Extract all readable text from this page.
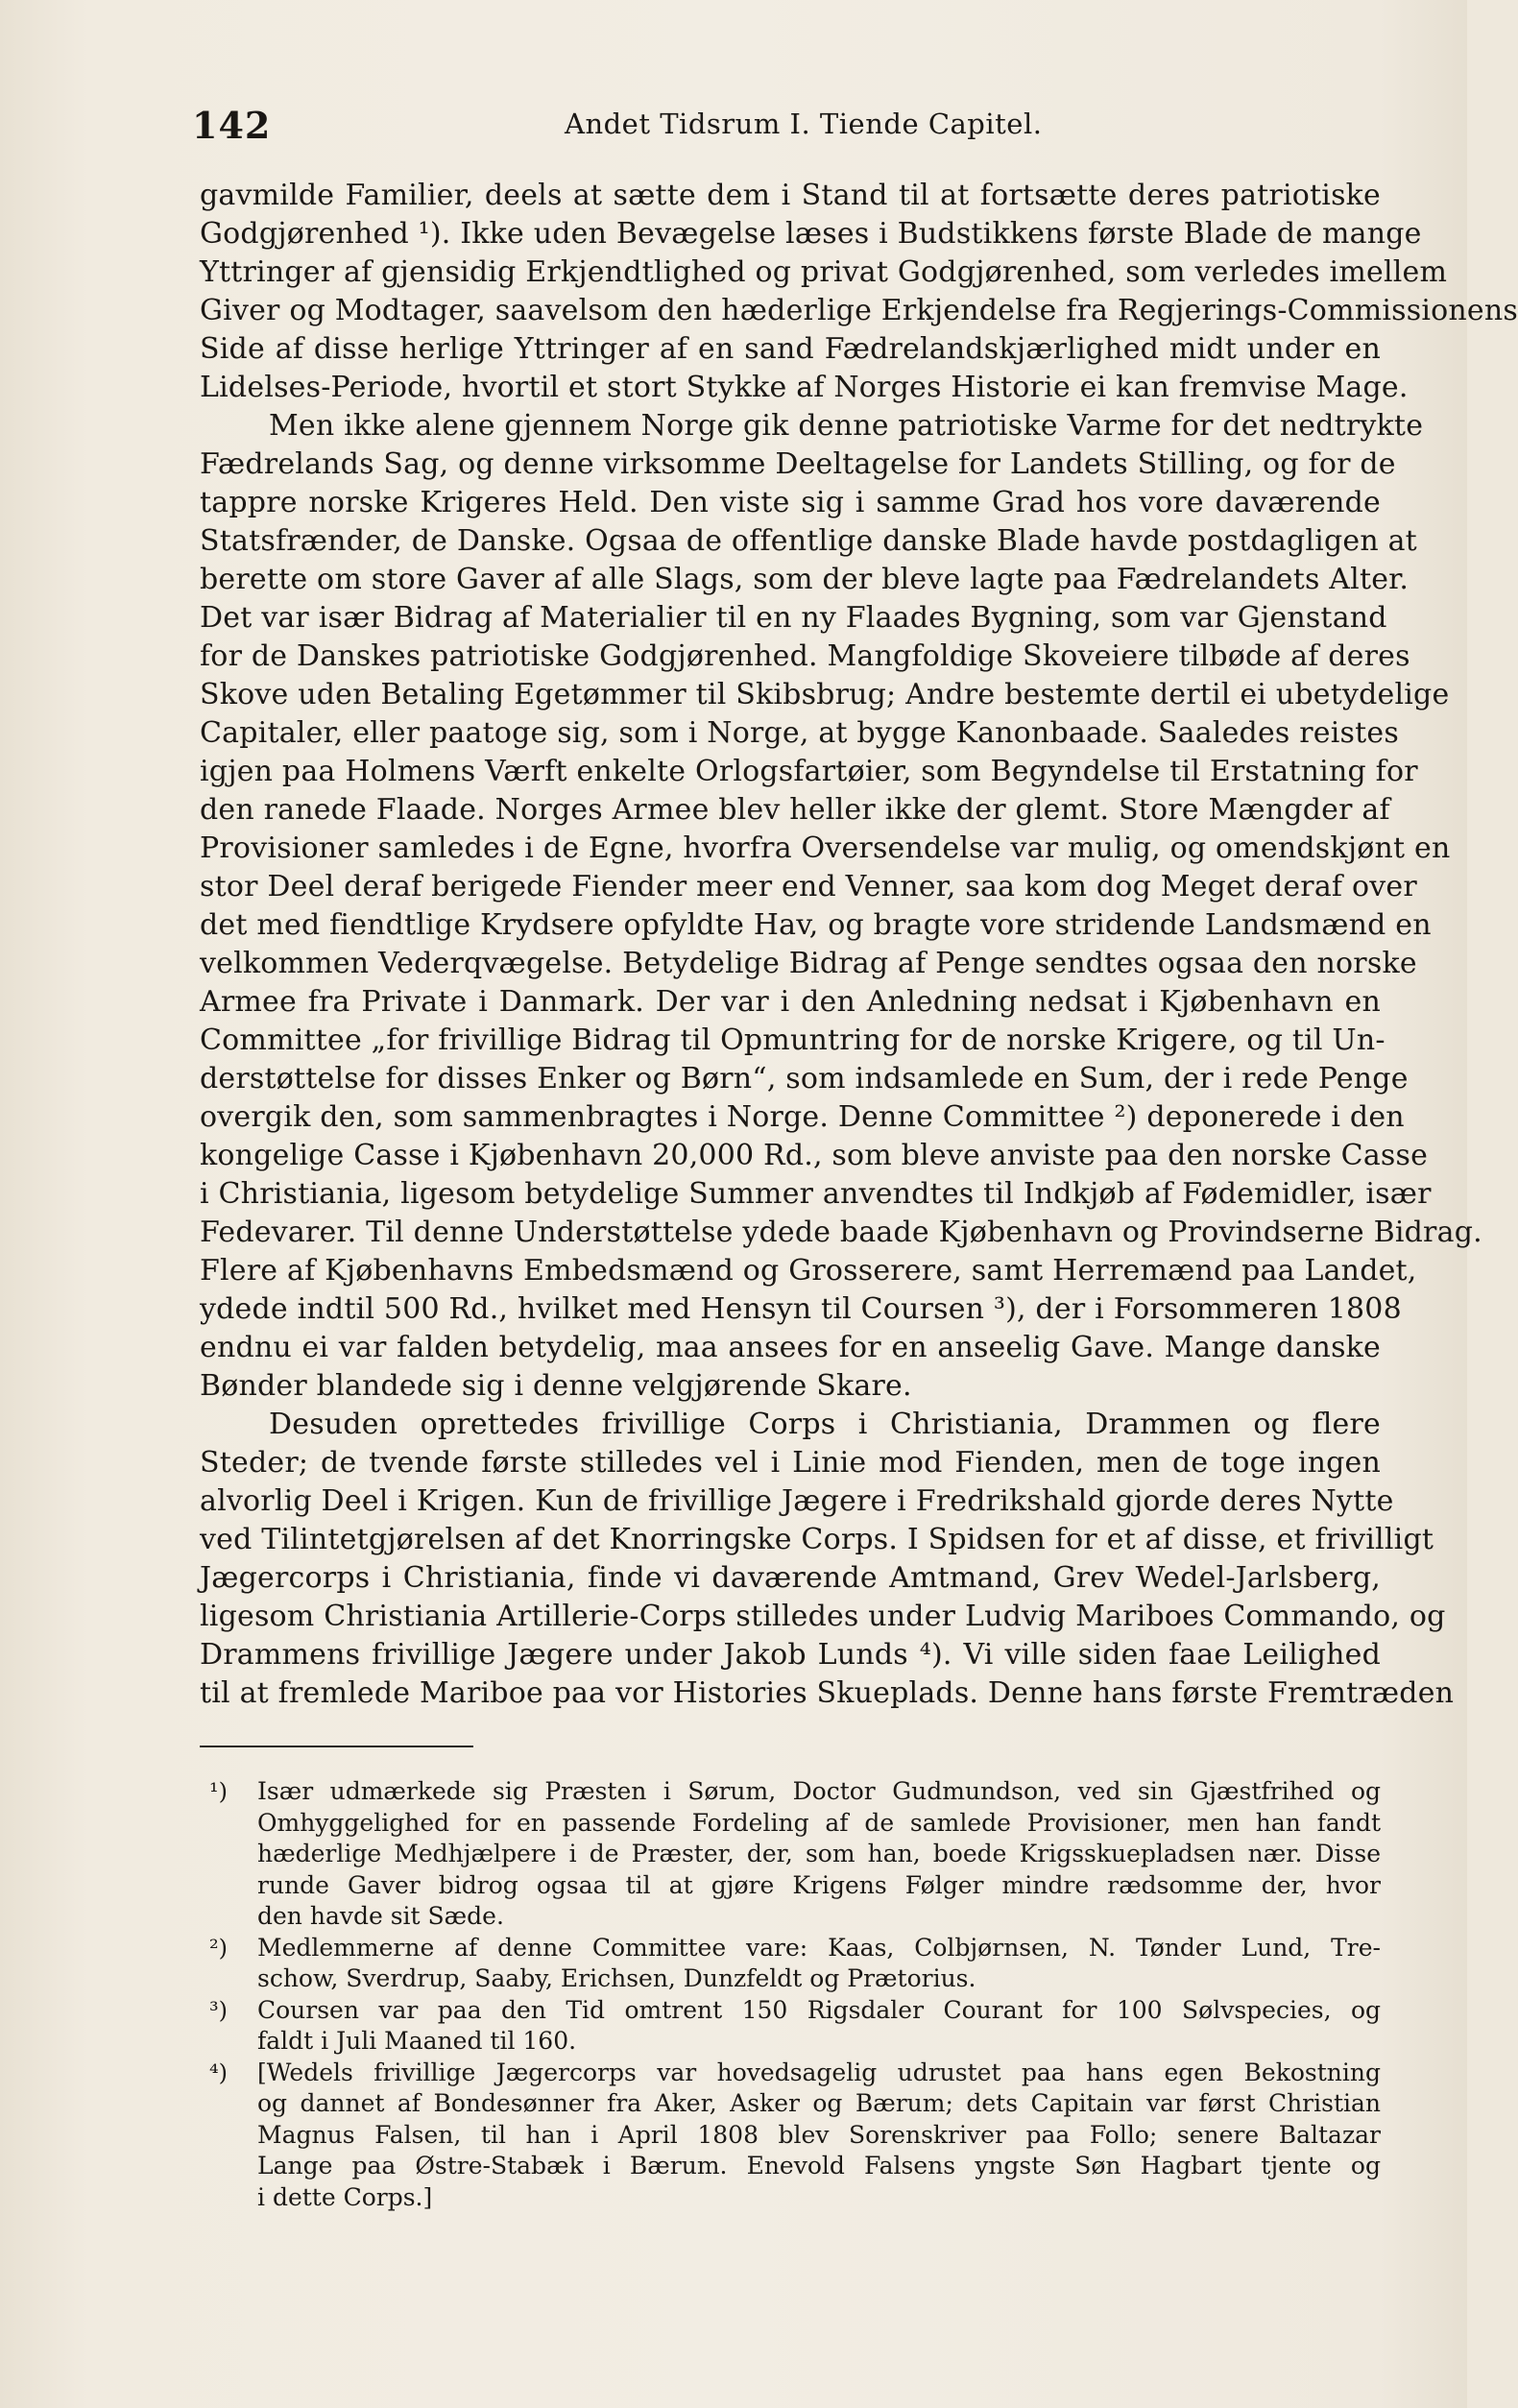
142	Andet Tidsrum I. Tiende Capitel.
gavmilde Familier, deels at sætte dem i Stand til at fortsætte deres patriotiske
Godgjørenhed ¹). Ikke uden Bevægelse læses i Budstikkens første Blade de mange
Yttringer af gjensidig Erkjendtlighed og privat Godgjørenhed, som verledes imellem
Giver og Modtager, saavelsom den hæderlige Erkjendelse fra Regjerings-Commissionens
Side af disse herlige Yttringer af en sand Fædrelandskjærlighed midt under en
Lidelses-Periode, hvortil et stort Stykke af Norges Historie ei kan fremvise Mage.
Men ikke alene gjennem Norge gik denne patriotiske Varme for det nedtrykte
Fædrelands Sag, og denne virksomme Deeltagelse for Landets Stilling, og for de
tappre norske Krigeres Held. Den viste sig i samme Grad hos vore daværende
Statsfrænder, de Danske. Ogsaa de offentlige danske Blade havde postdagligen at
berette om store Gaver af alle Slags, som der bleve lagte paa Fædrelandets Alter.
Det var især Bidrag af Materialier til en ny Flaades Bygning, som var Gjenstand
for de Danskes patriotiske Godgjørenhed. Mangfoldige Skoveiere tilbøde af deres
Skove uden Betaling Egetømmer til Skibsbrug; Andre bestemte dertil ei ubetydelige
Capitaler, eller paatoge sig, som i Norge, at bygge Kanonbaade. Saaledes reistes
igjen paa Holmens Værft enkelte Orlogsfartøier, som Begyndelse til Erstatning for
den ranede Flaade. Norges Armee blev heller ikke der glemt. Store Mængder af
Provisioner samledes i de Egne, hvorfra Oversendelse var mulig, og omendskjønt en
stor Deel deraf berigede Fiender meer end Venner, saa kom dog Meget deraf over
det med fiendtlige Krydsere opfyldte Hav, og bragte vore stridende Landsmænd en
velkommen Vederqvægelse. Betydelige Bidrag af Penge sendtes ogsaa den norske
Armee fra Private i Danmark. Der var i den Anledning nedsat i Kjøbenhavn en
Committee „for frivillige Bidrag til Opmuntring for de norske Krigere, og til Un-
derstøttelse for disses Enker og Børn“, som indsamlede en Sum, der i rede Penge
overgik den, som sammenbragtes i Norge. Denne Committee ²) deponerede i den
kongelige Casse i Kjøbenhavn 20,000 Rd., som bleve anviste paa den norske Casse
i Christiania, ligesom betydelige Summer anvendtes til Indkjøb af Fødemidler, især
Fedevarer. Til denne Understøttelse ydede baade Kjøbenhavn og Provindserne Bidrag.
Flere af Kjøbenhavns Embedsmænd og Grosserere, samt Herremænd paa Landet,
ydede indtil 500 Rd., hvilket med Hensyn til Coursen ³), der i Forsommeren 1808
endnu ei var falden betydelig, maa ansees for en anseelig Gave. Mange danske
Bønder blandede sig i denne velgjørende Skare.
Desuden oprettedes frivillige Corps i Christiania, Drammen og flere
Steder; de tvende første stilledes vel i Linie mod Fienden, men de toge ingen
alvorlig Deel i Krigen. Kun de frivillige Jægere i Fredrikshald gjorde deres Nytte
ved Tilintetgjørelsen af det Knorringske Corps. I Spidsen for et af disse, et frivilligt
Jægercorps i Christiania, finde vi daværende Amtmand, Grev Wedel-Jarlsberg,
ligesom Christiania Artillerie-Corps stilledes under Ludvig Mariboes Commando, og
Drammens frivillige Jægere under Jakob Lunds ⁴). Vi ville siden faae Leilighed
til at fremlede Mariboe paa vor Histories Skueplads. Denne hans første Fremtræden
¹) Især udmærkede sig Præsten i Sørum, Doctor Gudmundson, ved sin Gjæstfrihed og
Omhyggelighed for en passende Fordeling af de samlede Provisioner, men han fandt
hæderlige Medhjælpere i de Præster, der, som han, boede Krigsskuepladsen nær. Disse
runde Gaver bidrog ogsaa til at gjøre Krigens Følger mindre rædsomme der, hvor
den havde sit Sæde.
²) Medlemmerne af denne Committee vare: Kaas, Colbjørnsen, N. Tønder Lund, Tre-
schow, Sverdrup, Saaby, Erichsen, Dunzfeldt og Prætorius.
³) Coursen var paa den Tid omtrent 150 Rigsdaler Courant for 100 Sølvspecies, og
faldt i Juli Maaned til 160.
⁴) [Wedels frivillige Jægercorps var hovedsagelig udrustet paa hans egen Bekostning
og dannet af Bondesønner fra Aker, Asker og Bærum; dets Capitain var først Christian
Magnus Falsen, til han i April 1808 blev Sorenskriver paa Follo; senere Baltazar
Lange paa Østre-Stabæk i Bærum. Enevold Falsens yngste Søn Hagbart tjente og
i dette Corps.]
